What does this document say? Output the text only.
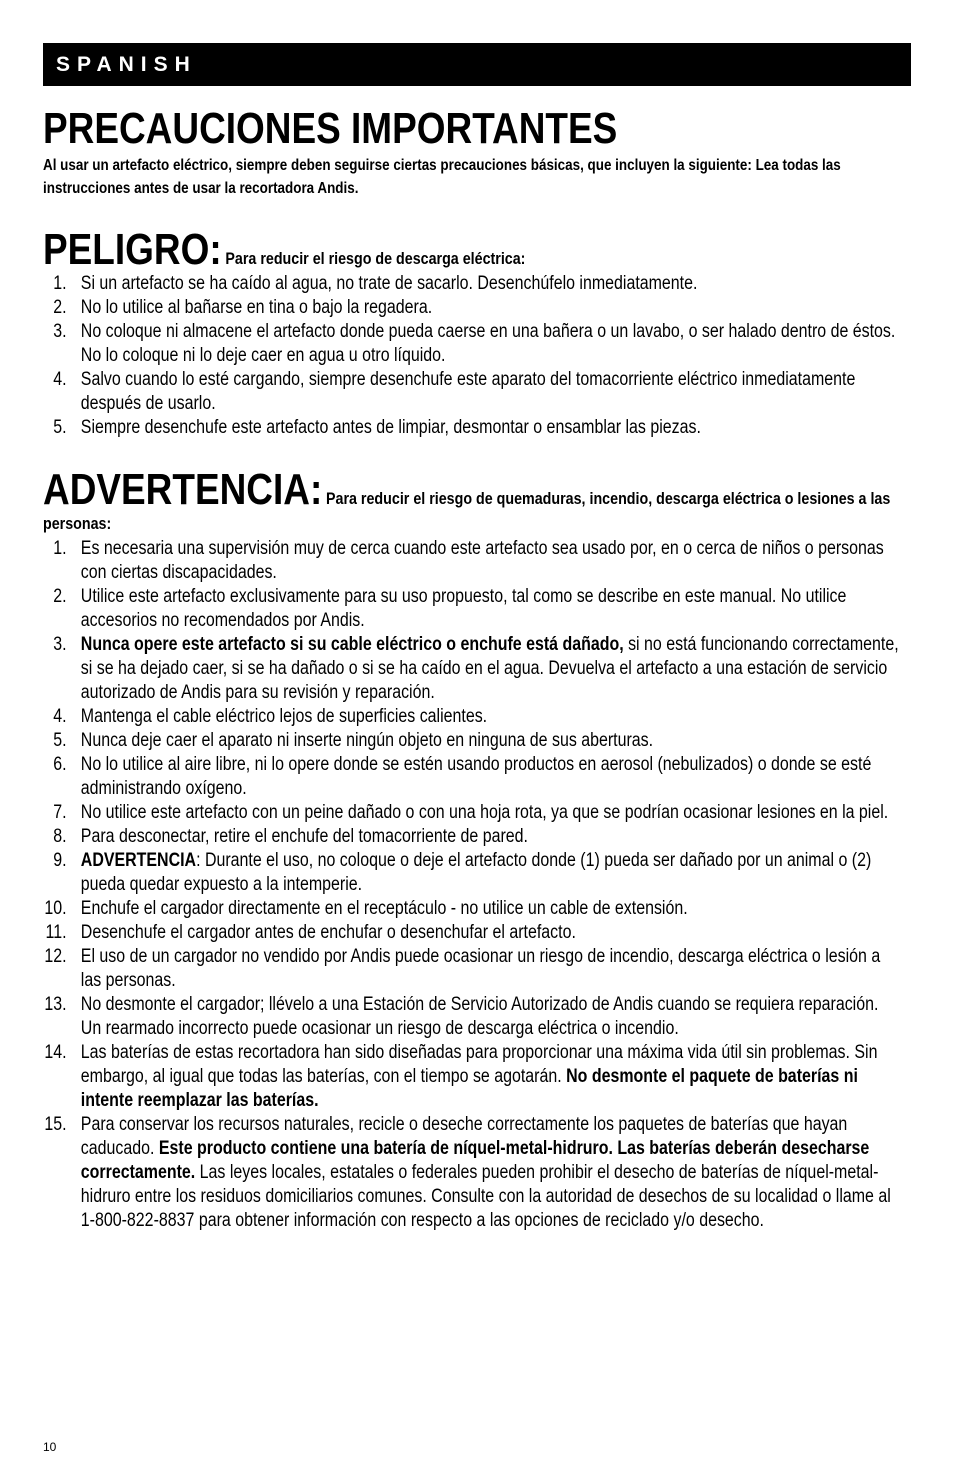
SPANISH
PRECAUCIONES IMPORTANTES

Al usar un artefacto eléctrico, siempre deben seguirse ciertas precauciones básicas, que incluyen la siguiente: Lea todas las instrucciones antes de usar la recortadora Andis.

PELIGRO: Para reducir el riesgo de descarga eléctrica:
1. Si un artefacto se ha caído al agua, no trate de sacarlo. Desenchúfelo inmediatamente.
2. No lo utilice al bañarse en tina o bajo la regadera.
3. No coloque ni almacene el artefacto donde pueda caerse en una bañera o un lavabo, o ser halado dentro de éstos. No lo coloque ni lo deje caer en agua u otro líquido.
4. Salvo cuando lo esté cargando, siempre desenchufe este aparato del tomacorriente eléctrico inmediatamente después de usarlo.
5. Siempre desenchufe este artefacto antes de limpiar, desmontar o ensamblar las piezas.
ADVERTENCIA: Para reducir el riesgo de quemaduras, incendio, descarga eléctrica o lesiones a las personas:
1. Es necesaria una supervisión muy de cerca cuando este artefacto sea usado por, en o cerca de niños o personas con ciertas discapacidades.
2. Utilice este artefacto exclusivamente para su uso propuesto, tal como se describe en este manual. No utilice accesorios no recomendados por Andis.
3. Nunca opere este artefacto si su cable eléctrico o enchufe está dañado, si no está funcionando correctamente, si se ha dejado caer, si se ha dañado o si se ha caído en el agua. Devuelva el artefacto a una estación de servicio autorizado de Andis para su revisión y reparación.
4. Mantenga el cable eléctrico lejos de superficies calientes.
5. Nunca deje caer el aparato ni inserte ningún objeto en ninguna de sus aberturas.
6. No lo utilice al aire libre, ni lo opere donde se estén usando productos en aerosol (nebulizados) o donde se esté administrando oxígeno.
7. No utilice este artefacto con un peine dañado o con una hoja rota, ya que se podrían ocasionar lesiones en la piel.
8. Para desconectar, retire el enchufe del tomacorriente de pared.
9. ADVERTENCIA: Durante el uso, no coloque o deje el artefacto donde (1) pueda ser dañado por un animal o (2) pueda quedar expuesto a la intemperie.
10. Enchufe el cargador directamente en el receptáculo - no utilice un cable de extensión.
11. Desenchufe el cargador antes de enchufar o desenchufar el artefacto.
12. El uso de un cargador no vendido por Andis puede ocasionar un riesgo de incendio, descarga eléctrica o lesión a las personas.
13. No desmonte el cargador; llévelo a una Estación de Servicio Autorizado de Andis cuando se requiera reparación. Un rearmado incorrecto puede ocasionar un riesgo de descarga eléctrica o incendio.
14. Las baterías de estas recortadora han sido diseñadas para proporcionar una máxima vida útil sin problemas. Sin embargo, al igual que todas las baterías, con el tiempo se agotarán. No desmonte el paquete de baterías ni intente reemplazar las baterías.
15. Para conservar los recursos naturales, recicle o deseche correctamente los paquetes de baterías que hayan caducado. Este producto contiene una batería de níquel-metal-hidruro. Las baterías deberán desecharse correctamente. Las leyes locales, estatales o federales pueden prohibir el desecho de baterías de níquel-metal-hidruro entre los residuos domiciliarios comunes. Consulte con la autoridad de desechos de su localidad o llame al 1-800-822-8837 para obtener información con respecto a las opciones de reciclado y/o desecho.
10
